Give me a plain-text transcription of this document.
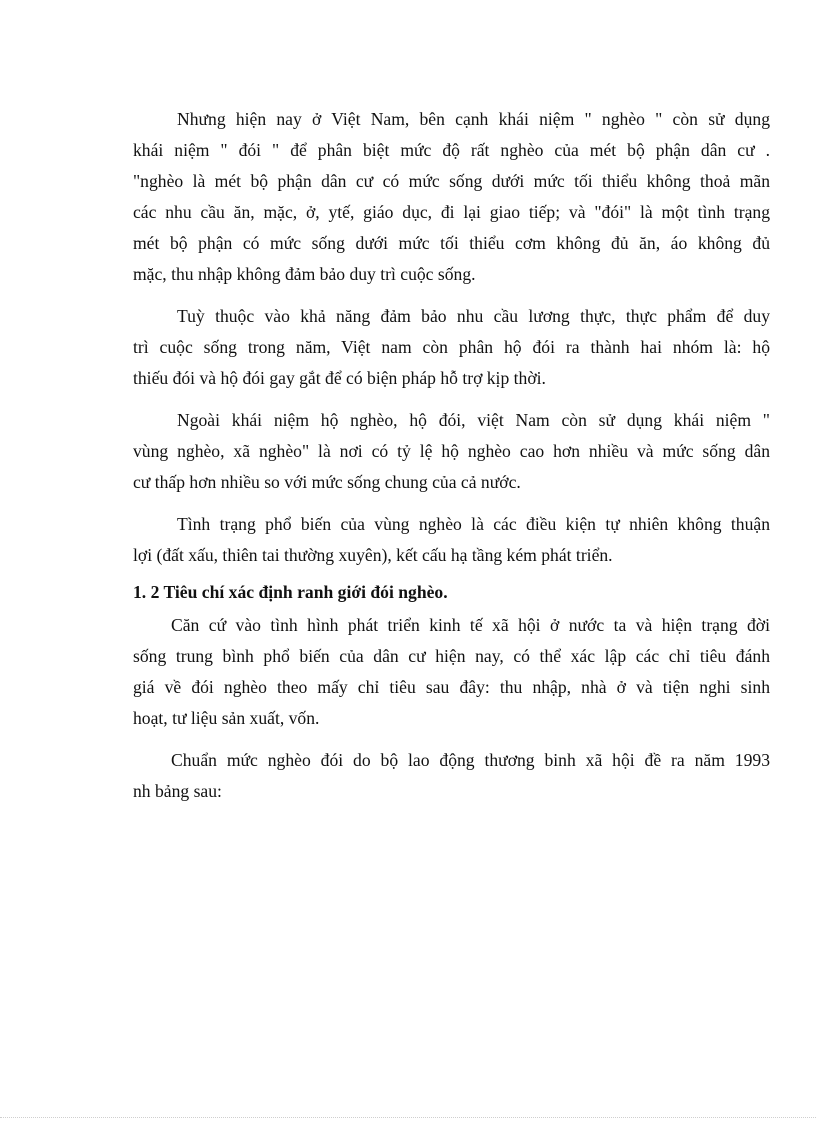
Nhưng hiện nay ở Việt Nam, bên cạnh khái niệm " nghèo " còn sử dụng
khái niệm " đói " để phân biệt mức độ rất nghèo của mét bộ phận dân cư .
"nghèo là mét bộ phận dân cư có mức sống dưới mức tối thiểu không thoả mãn
các nhu cầu ăn, mặc, ở, ytế, giáo dục, đi lại giao tiếp; và "đói" là một tình trạng
mét bộ phận có mức sống dưới mức tối thiểu cơm không đủ ăn, áo không đủ
mặc, thu nhập không đảm bảo duy trì cuộc sống.

Tuỳ thuộc vào khả năng đảm bảo nhu cầu lương thực, thực phẩm để duy
trì cuộc sống trong năm, Việt nam còn phân hộ đói ra thành hai nhóm là: hộ
thiếu đói và hộ đói gay gắt để có biện pháp hỗ trợ kịp thời.

Ngoài khái niệm hộ nghèo, hộ đói, việt Nam còn sử dụng khái niệm "
vùng nghèo, xã nghèo" là nơi có tỷ lệ hộ nghèo cao hơn nhiều và mức sống dân
cư thấp hơn nhiều so với mức sống chung của cả nước.

Tình trạng phổ biến của vùng nghèo là các điều kiện tự nhiên không thuận
lợi (đất xấu, thiên tai thường xuyên), kết cấu hạ tầng kém phát triển.

1. 2 Tiêu chí xác định ranh giới đói nghèo.

Căn cứ vào tình hình phát triển kinh tế xã hội ở nước ta và hiện trạng đời
sống trung bình phổ biến của dân cư hiện nay, có thể xác lập các chỉ tiêu đánh
giá về đói nghèo theo mấy chỉ tiêu sau đây: thu nhập, nhà ở và tiện nghi sinh
hoạt, tư liệu sản xuất, vốn.

Chuẩn mức nghèo đói do bộ lao động thương binh xã hội đề ra năm 1993
nh bảng sau:
